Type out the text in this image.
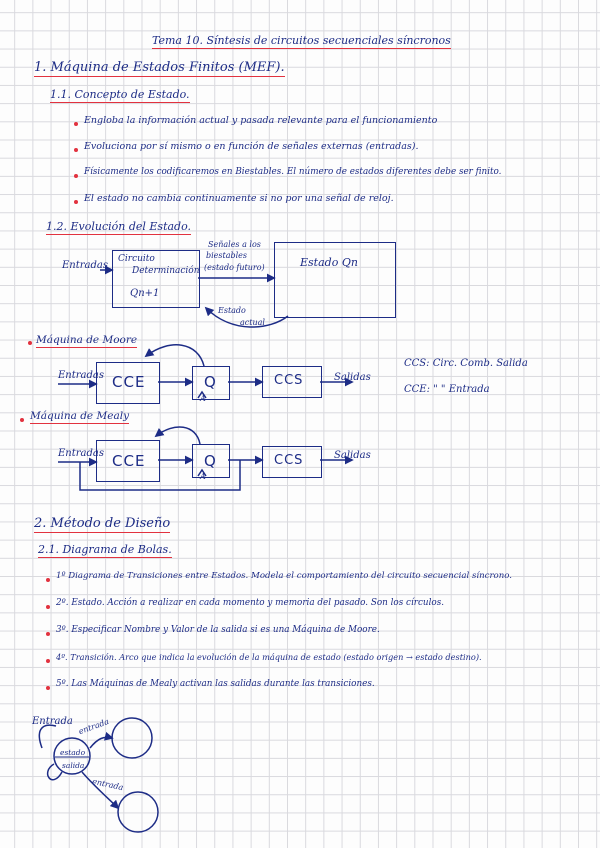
Tema 10. Síntesis de circuitos secuenciales síncronos
1. Máquina de Estados Finitos (MEF).
1.1. Concepto de Estado.
Engloba la información actual y pasada relevante para el funcionamiento
Evoluciona por sí mismo o en función de señales externas (entradas).
Físicamente los codificaremos en Biestables. El número de estados diferentes debe ser finito.
El estado no cambia continuamente si no por una señal de reloj.
1.2. Evolución del Estado.
Entradas
Circuito
Determinación
Qn+1
Señales a los
biestables
(estado futuro)	Estado Qn
Estado
actual
Máquina de Moore
Entradas CCE	Q
A
CCS	Salidas
CCS: Circ. Comb. Salida
CCE: " " Entrada
Máquina de Mealy
Entradas CCE	Q
A
CCS	Salidas
2. Método de Diseño
2.1. Diagrama de Bolas.
1º Diagrama de Transiciones entre Estados. Modela el comportamiento del circuito secuencial síncrono.
2º. Estado. Acción a realizar en cada momento y memoria del pasado. Son los círculos.
3º. Especificar Nombre y Valor de la salida si es una Máquina de Moore.
4º. Transición. Arco que indica la evolución de la máquina de estado (estado origen → estado destino).
5º. Las Máquinas de Mealy activan las salidas durante las transiciones.
Entrada
estado
salida
entrada
entrada
